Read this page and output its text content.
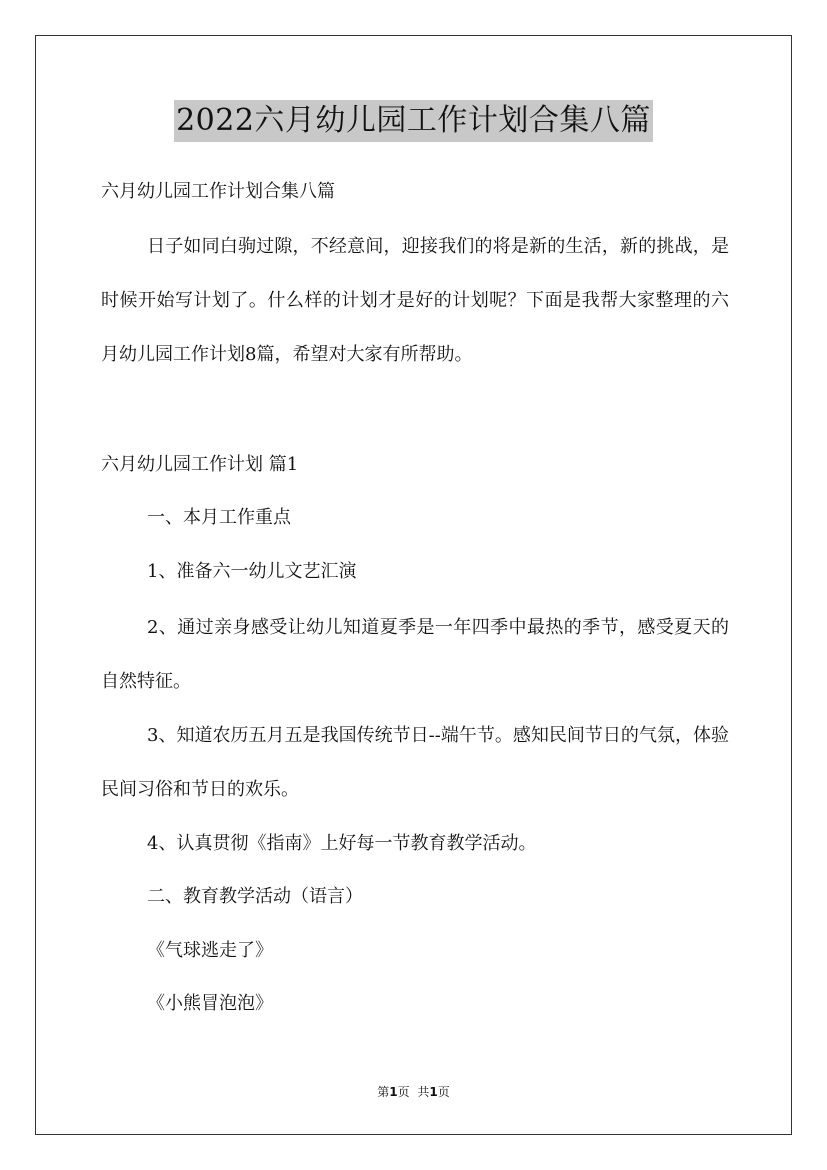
2022六月幼儿园工作计划合集八篇
六月幼儿园工作计划合集八篇
日子如同白驹过隙，不经意间，迎接我们的将是新的生活，新的挑战，是时候开始写计划了。什么样的计划才是好的计划呢？下面是我帮大家整理的六月幼儿园工作计划8篇，希望对大家有所帮助。
六月幼儿园工作计划 篇1
一、本月工作重点
1、准备六一幼儿文艺汇演
2、通过亲身感受让幼儿知道夏季是一年四季中最热的季节，感受夏天的自然特征。
3、知道农历五月五是我国传统节日--端午节。感知民间节日的气氛，体验民间习俗和节日的欢乐。
4、认真贯彻《指南》上好每一节教育教学活动。
二、教育教学活动（语言）
《气球逃走了》
《小熊冒泡泡》
第1页 共1页
